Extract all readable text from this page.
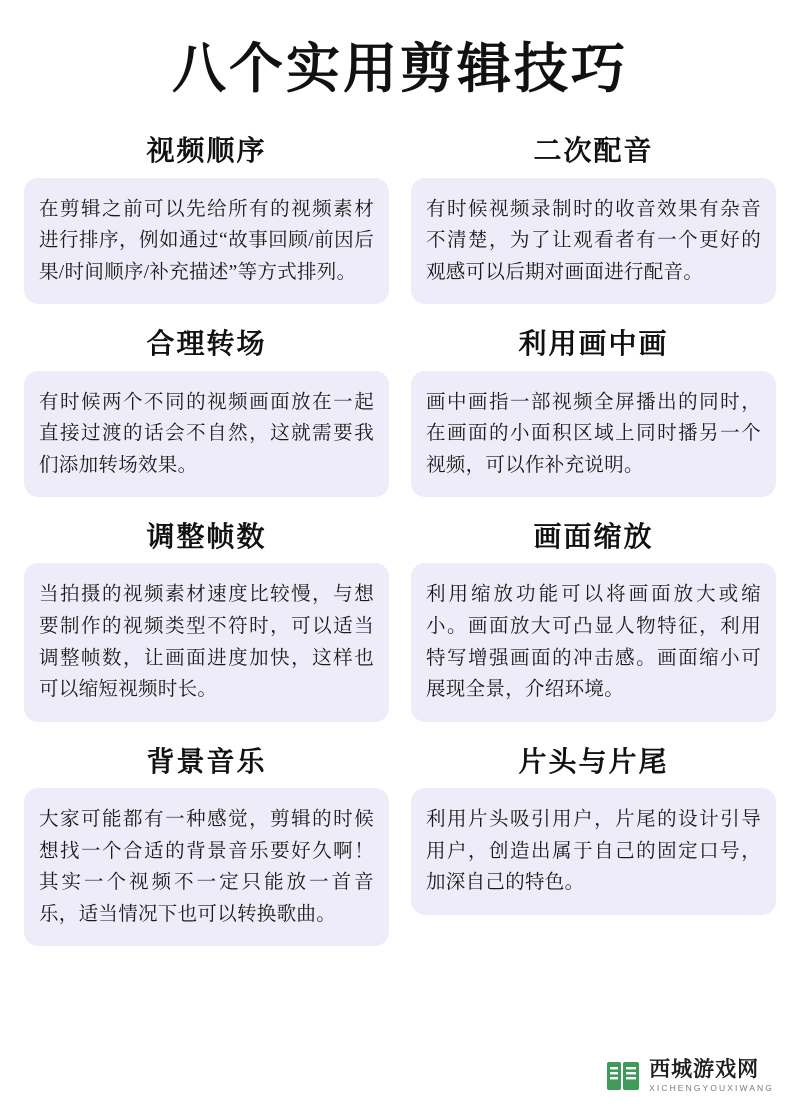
八个实用剪辑技巧
视频顺序
在剪辑之前可以先给所有的视频素材进行排序，例如通过“故事回顾/前因后果/时间顺序/补充描述”等方式排列。
合理转场
有时候两个不同的视频画面放在一起直接过渡的话会不自然，这就需要我们添加转场效果。
调整帧数
当拍摄的视频素材速度比较慢，与想要制作的视频类型不符时，可以适当调整帧数，让画面进度加快，这样也可以缩短视频时长。
背景音乐
大家可能都有一种感觉，剪辑的时候想找一个合适的背景音乐要好久啊！其实一个视频不一定只能放一首音乐，适当情况下也可以转换歌曲。
二次配音
有时候视频录制时的收音效果有杂音不清楚，为了让观看者有一个更好的观感可以后期对画面进行配音。
利用画中画
画中画指一部视频全屏播出的同时，在画面的小面积区域上同时播另一个视频，可以作补充说明。
画面缩放
利用缩放功能可以将画面放大或缩小。画面放大可凸显人物特征，利用特写增强画面的冲击感。画面缩小可展现全景，介绍环境。
片头与片尾
利用片头吸引用户，片尾的设计引导用户，创造出属于自己的固定口号，加深自己的特色。
西城游戏网
XICHENGYOUXIWANG
